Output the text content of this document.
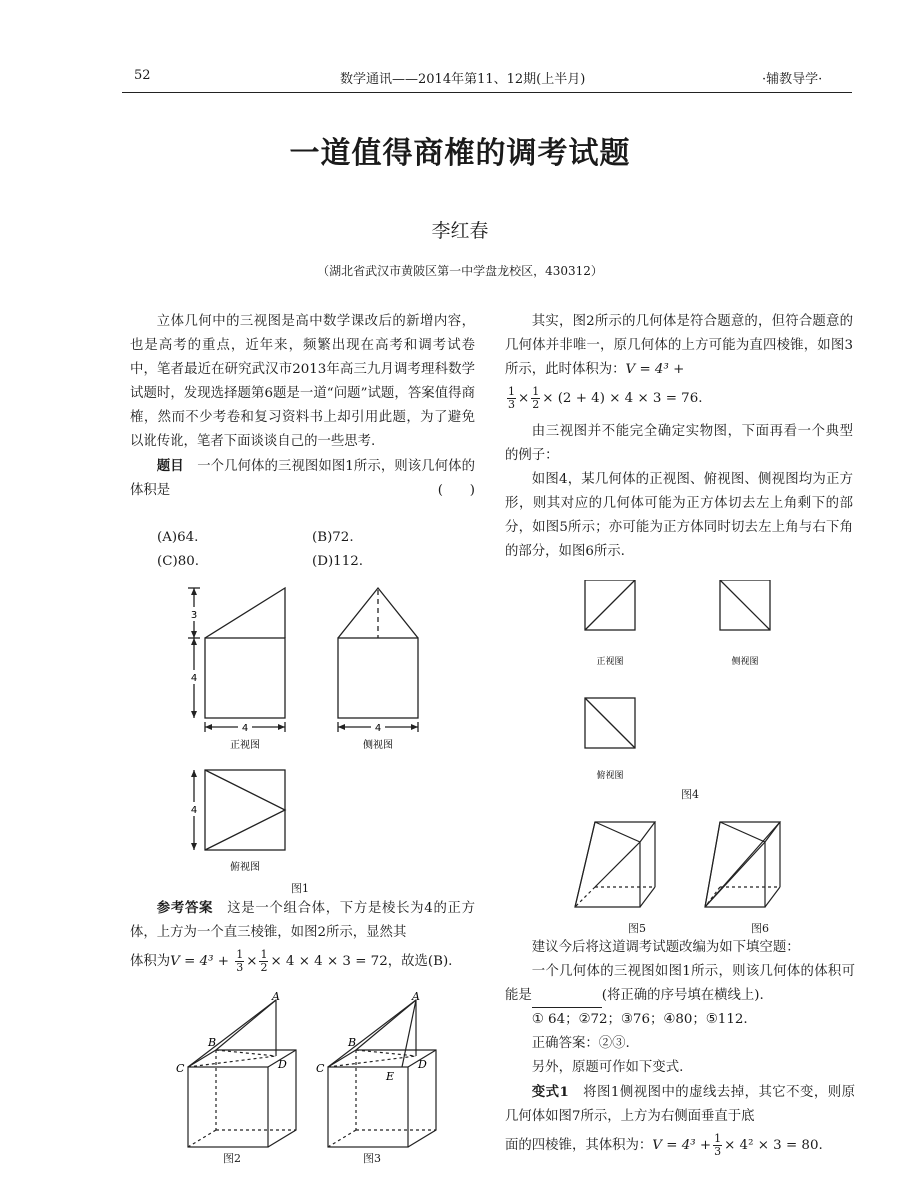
52	数学通讯——2014年第11、12期(上半月)	·辅教导学·
一道值得商榷的调考试题
李红春
（湖北省武汉市黄陂区第一中学盘龙校区，430312）

立体几何中的三视图是高中数学课改后的新增内容，也是高考的重点，近年来，频繁出现在高考和调考试卷中，笔者最近在研究武汉市2013年高三九月调考理科数学试题时，发现选择题第6题是一道“问题”试题，答案值得商榷，然而不少考卷和复习资料书上却引用此题，为了避免以讹传讹，笔者下面谈谈自己的一些思考.

题目　 一个几何体的三视图如图1所示，则该几何体的体积是	(　　)

(A)64.	(B)72.
(C)80.	(D)112.
3
4
4	4
4
正视图	侧视图
俯视图
图1

参考答案　 这是一个组合体，下方是棱长为4的正方体，上方为一个直三棱锥，如图2所示，显然其

体积为$V = 4^3 + \frac{1}{3} \times \frac{1}{2} \times 4 \times 4 \times 3 = 72$，故选(B).

A
B
C	D
A
B
C	D
E
图2	图3

其实，图2所示的几何体是符合题意的，但符合题意的几何体并非唯一，原几何体的上方可能为直四棱锥，如图3所示，此时体积为：V = 4³ +

$\frac{1}{3} \times \frac{1}{2} \times (2 + 4) \times 4 \times 3 = 76$.

由三视图并不能完全确定实物图，下面再看一个典型的例子：

如图4，某几何体的正视图、俯视图、侧视图均为正方形，则其对应的几何体可能为正方体切去左上角剩下的部分，如图5所示；亦可能为正方体同时切去左上角与右下角的部分，如图6所示.

正视图	侧视图
俯视图
图4
图5	图6

建议今后将这道调考试题改编为如下填空题：

一个几何体的三视图如图1所示，则该几何体的体积可能是	(将正确的序号填在横线上).

① 64；②72；③76；④80；⑤112.

正确答案：②③.

另外，原题可作如下变式.

变式1　 将图1侧视图中的虚线去掉，其它不变，则原几何体如图7所示，上方为右侧面垂直于底

面的四棱锥，其体积为：$V = 4^3 + \frac{1}{3} \times 4^2 \times 3 = 80$.
